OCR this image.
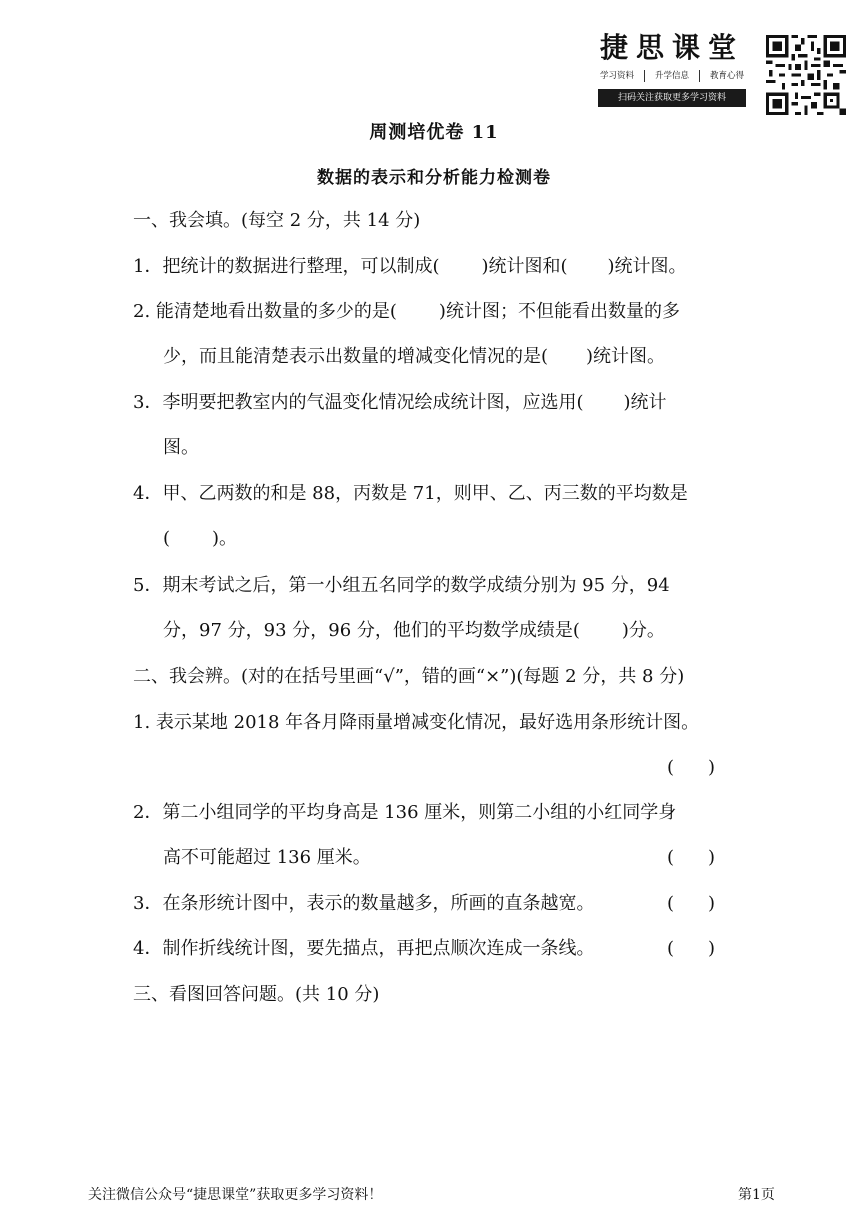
捷思课堂
学习资料 升学信息 教育心得
扫码关注获取更多学习资料
周测培优卷 11
数据的表示和分析能力检测卷
一、我会填。(每空 2 分，共 14 分)
1．把统计的数据进行整理，可以制成( )统计图和( )统计图。
2. 能清楚地看出数量的多少的是( )统计图；不但能看出数量的多
少，而且能清楚表示出数量的增减变化情况的是( )统计图。
3．李明要把教室内的气温变化情况绘成统计图，应选用( )统计
图。
4．甲、乙两数的和是 88，丙数是 71，则甲、乙、丙三数的平均数是
( )。
5．期末考试之后，第一小组五名同学的数学成绩分别为 95 分，94
分，97 分，93 分，96 分，他们的平均数学成绩是( )分。
二、我会辨。(对的在括号里画“√”，错的画“×”)(每题 2 分，共 8 分)
1. 表示某地 2018 年各月降雨量增减变化情况，最好选用条形统计图。
( )
2．第二小组同学的平均身高是 136 厘米，则第二小组的小红同学身
高不可能超过 136 厘米。	( )
3．在条形统计图中，表示的数量越多，所画的直条越宽。	( )
4．制作折线统计图，要先描点，再把点顺次连成一条线。	( )
三、看图回答问题。(共 10 分)
关注微信公众号“捷思课堂”获取更多学习资料！	第1页
